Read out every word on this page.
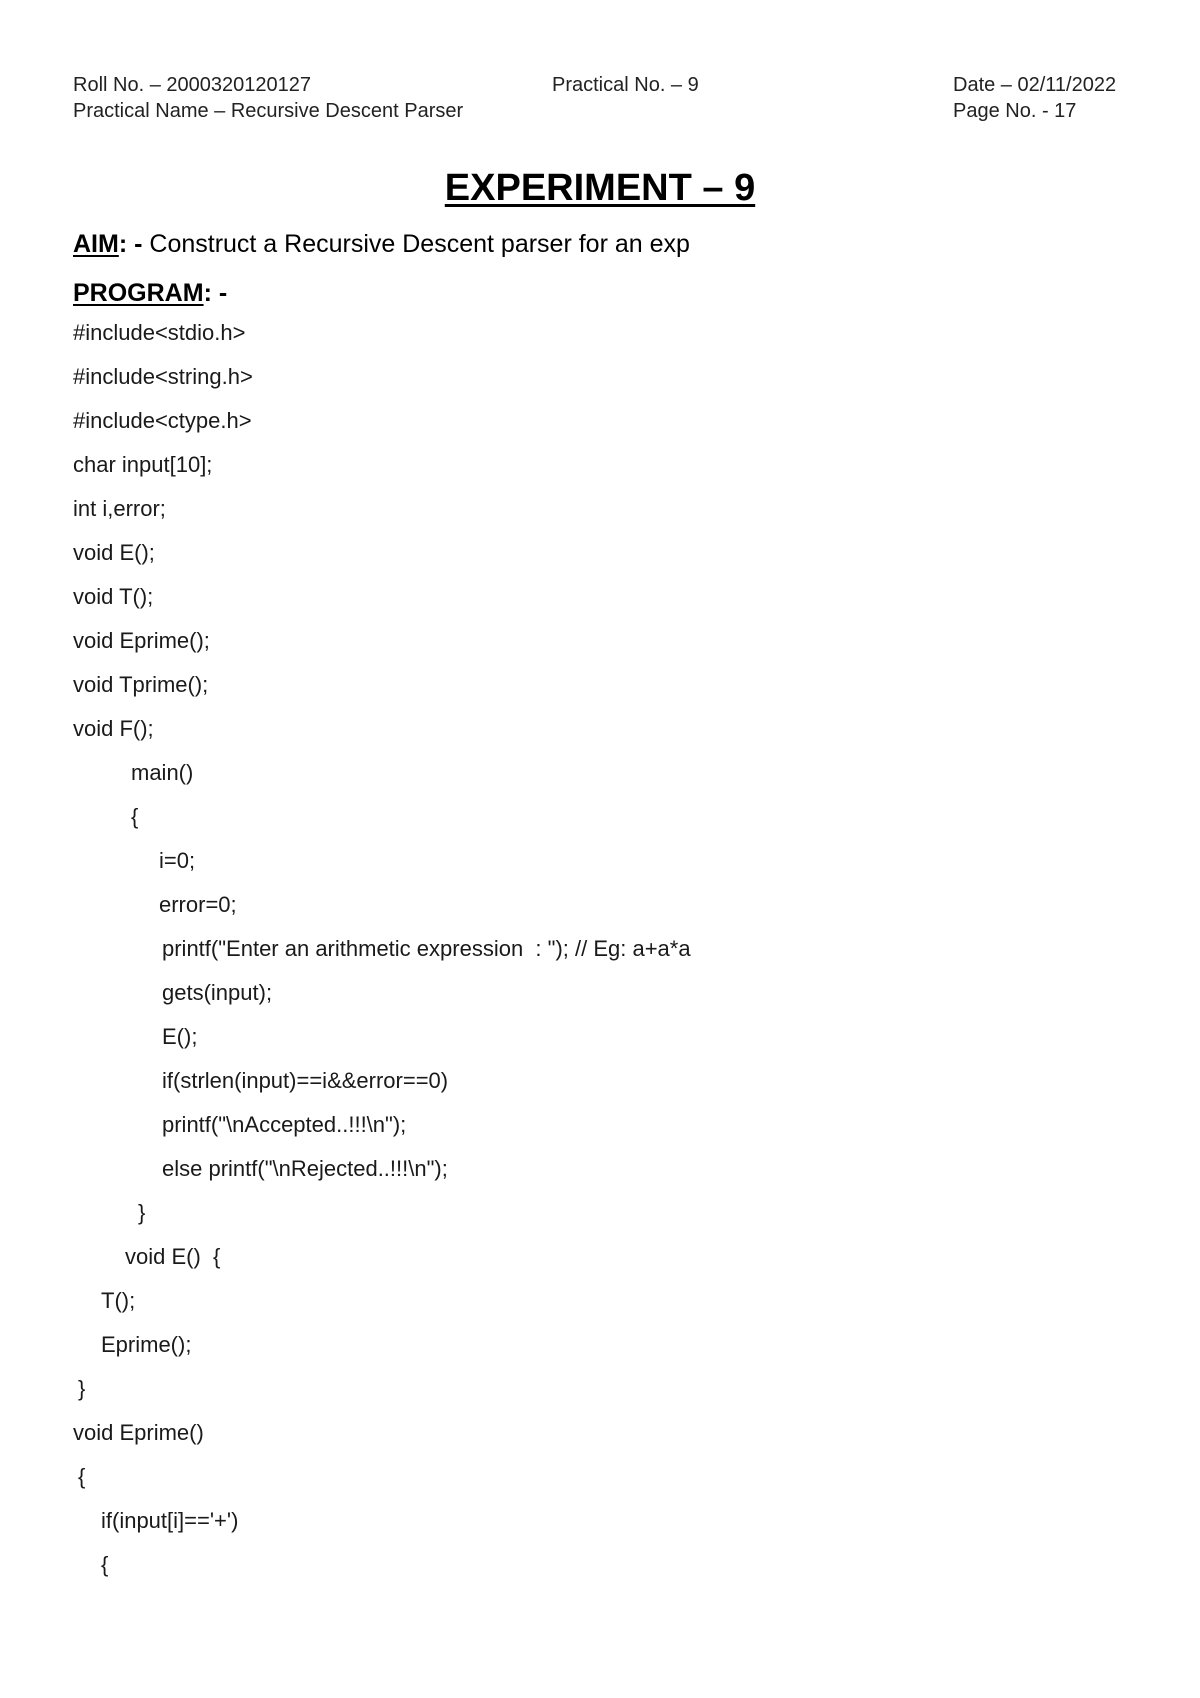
Roll No. – 2000320120127	Practical No. – 9	Date – 02/11/2022
Practical Name – Recursive Descent Parser	Page No. - 17
EXPERIMENT – 9
AIM: - Construct a Recursive Descent parser for an exp
PROGRAM: -
#include<stdio.h>
#include<string.h>
#include<ctype.h>
char input[10];
int i,error;
void E();
void T();
void Eprime();
void Tprime();
void F();
main()
{
i=0;
error=0;
printf("Enter an arithmetic expression  : "); // Eg: a+a*a
gets(input);
E();
if(strlen(input)==i&&error==0)
printf("\nAccepted..!!!\n");
else printf("\nRejected..!!!\n");
}
void E()  {
T();
Eprime();
}
void Eprime()
{
if(input[i]=='+')
{
